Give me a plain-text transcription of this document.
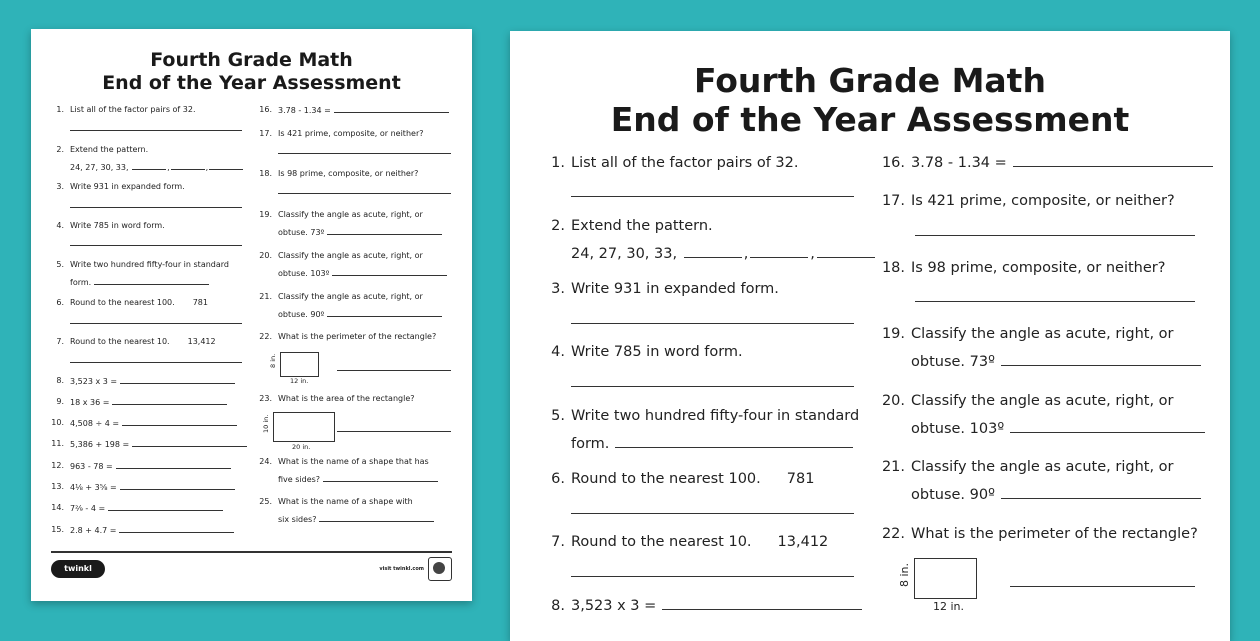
Fourth Grade Math
End of the Year Assessment
1. List all of the factor pairs of 32.
2. Extend the pattern.
24, 27, 30, 33,	,	,
3. Write 931 in expanded form.
4. Write 785 in word form.
5. Write two hundred fifty-four in standard
form.
6. Round to the nearest 100. 781
7. Round to the nearest 10. 13,412
8. 3,523 x 3 =
9. 18 x 36 =
10. 4,508 ÷ 4 =
11. 5,386 + 198 =
12. 963 - 78 =
13. 4⅛ + 3⅝ =
14. 7²⁄₉ - 4 =
15. 2.8 + 4.7 =
16. 3.78 - 1.34 =
17. Is 421 prime, composite, or neither?
18. Is 98 prime, composite, or neither?
19. Classify the angle as acute, right, or
obtuse. 73º
20. Classify the angle as acute, right, or
obtuse. 103º
21. Classify the angle as acute, right, or
obtuse. 90º
22. What is the perimeter of the rectangle?
8 in.
12 in.
23. What is the area of the rectangle?
10 in.
20 in.
24. What is the name of a shape that has
five sides?
25. What is the name of a shape with
six sides?
twinkl	visit twinkl.com
Fourth Grade Math
End of the Year Assessment
1. List all of the factor pairs of 32.
2. Extend the pattern.
24, 27, 30, 33,	,	,
3. Write 931 in expanded form.
4. Write 785 in word form.
5. Write two hundred fifty-four in standard
form.
6. Round to the nearest 100. 781
7. Round to the nearest 10. 13,412
8. 3,523 x 3 =
16. 3.78 - 1.34 =
17. Is 421 prime, composite, or neither?
18. Is 98 prime, composite, or neither?
19. Classify the angle as acute, right, or
obtuse. 73º
20. Classify the angle as acute, right, or
obtuse. 103º
21. Classify the angle as acute, right, or
obtuse. 90º
22. What is the perimeter of the rectangle?
8 in.
12 in.
